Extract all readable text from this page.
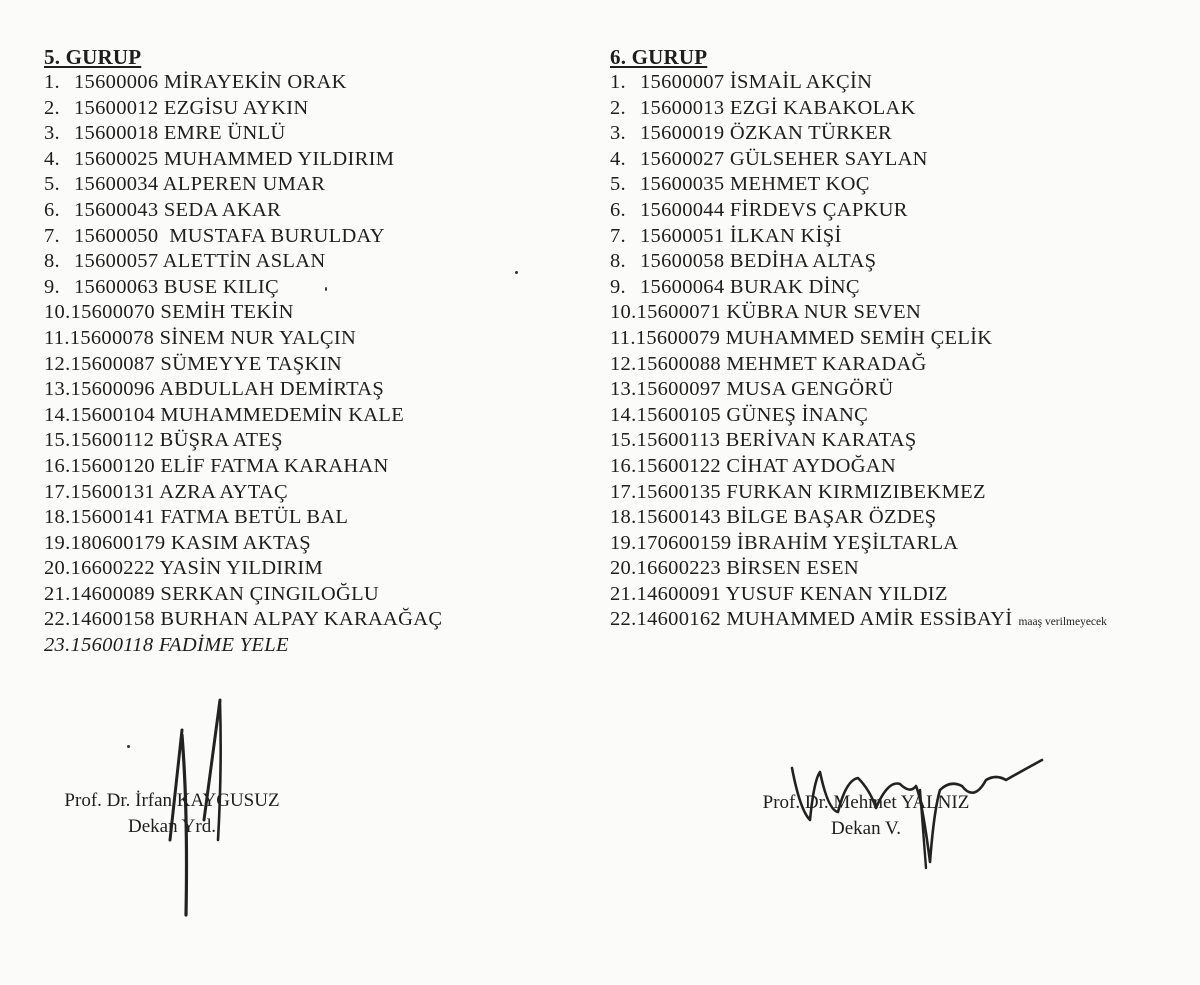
5. GURUP
1. 15600006 MİRAYEKİN ORAK
2. 15600012 EZGİSU AYKIN
3. 15600018 EMRE ÜNLÜ
4. 15600025 MUHAMMED YILDIRIM
5. 15600034 ALPEREN UMAR
6. 15600043 SEDA AKAR
7. 15600050  MUSTAFA BURULDAY
8. 15600057 ALETTİN ASLAN
9. 15600063 BUSE KILIÇ
10.15600070 SEMİH TEKİN
11.15600078 SİNEM NUR YALÇIN
12.15600087 SÜMEYYE TAŞKIN
13.15600096 ABDULLAH DEMİRTAŞ
14.15600104 MUHAMMEDEMİN KALE
15.15600112 BÜŞRA ATEŞ
16.15600120 ELİF FATMA KARAHAN
17.15600131 AZRA AYTAÇ
18.15600141 FATMA BETÜL BAL
19.180600179 KASIM AKTAŞ
20.16600222 YASİN YILDIRIM
21.14600089 SERKAN ÇINGILOĞLU
22.14600158 BURHAN ALPAY KARAAĞAÇ
23.15600118 FADİME YELE
6. GURUP
1. 15600007 İSMAİL AKÇİN
2. 15600013 EZGİ KABAKOLAK
3. 15600019 ÖZKAN TÜRKER
4. 15600027 GÜLSEHER SAYLAN
5. 15600035 MEHMET KOÇ
6. 15600044 FİRDEVS ÇAPKUR
7. 15600051 İLKAN KİŞİ
8. 15600058 BEDİHA ALTAŞ
9. 15600064 BURAK DİNÇ
10.15600071 KÜBRA NUR SEVEN
11.15600079 MUHAMMED SEMİH ÇELİK
12.15600088 MEHMET KARADAĞ
13.15600097 MUSA GENGÖRÜ
14.15600105 GÜNEŞ İNANÇ
15.15600113 BERİVAN KARATAŞ
16.15600122 CİHAT AYDOĞAN
17.15600135 FURKAN KIRMIZIBEKMEZ
18.15600143 BİLGE BAŞAR ÖZDEŞ
19.170600159 İBRAHİM YEŞİLTARLA
20.16600223 BİRSEN ESEN
21.14600091 YUSUF KENAN YILDIZ
22.14600162 MUHAMMED AMİR ESSİBAYİ maaş verilmeyecek
Prof. Dr. İrfan KAYGUSUZ
Dekan Yrd.
Prof. Dr. Mehmet YALNIZ
Dekan V.
